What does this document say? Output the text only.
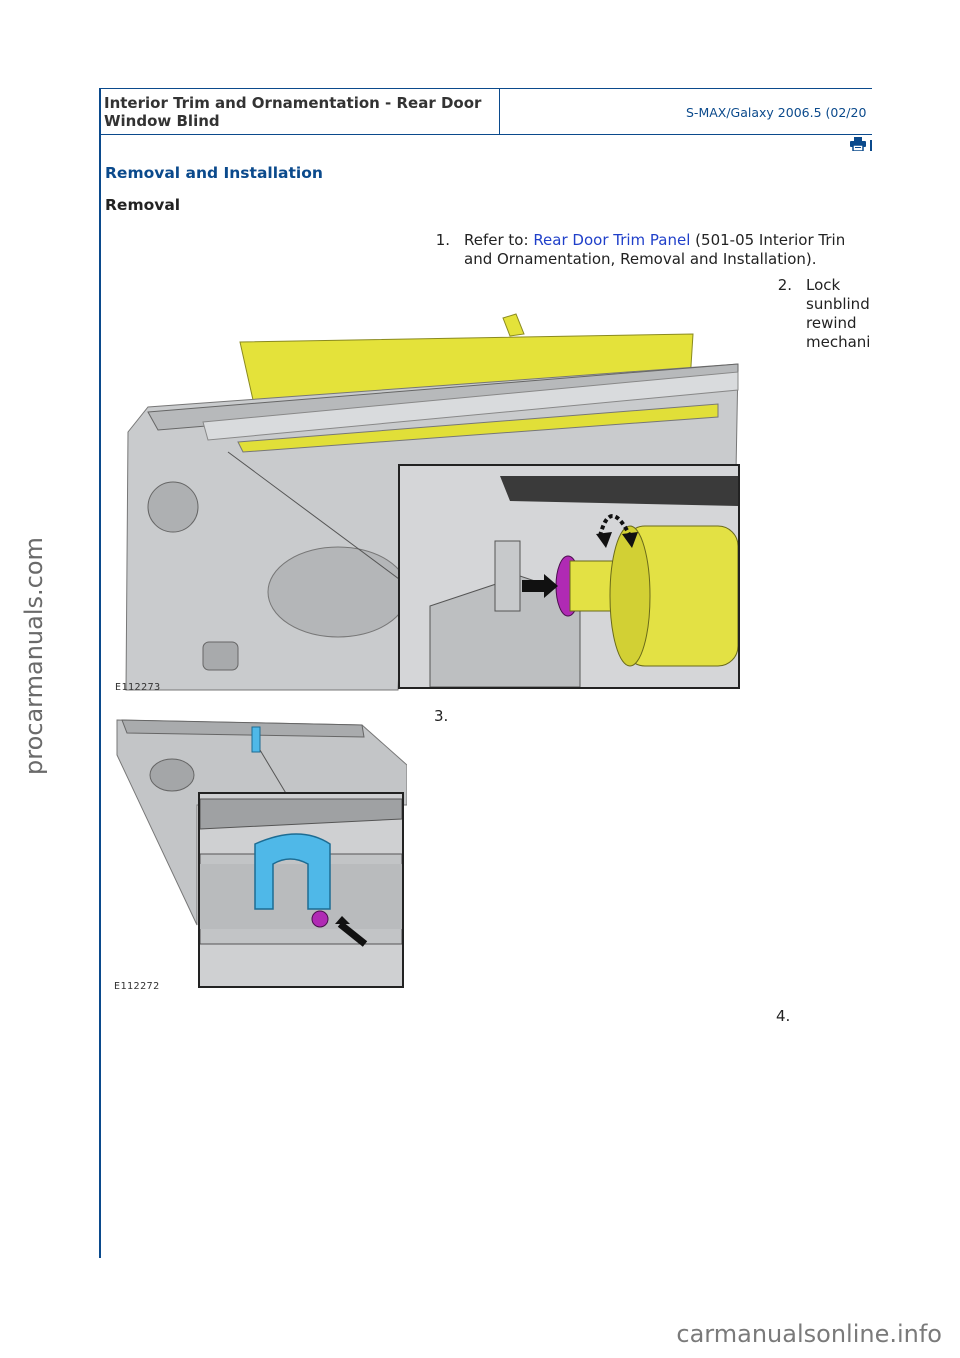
Interior Trim and Ornamentation - Rear Door
Window Blind	S-MAX/Galaxy 2006.5 (02/20
Removal and Installation
Removal
1. Refer to: Rear Door Trim Panel (501-05 Interior Trin
and Ornamentation, Removal and Installation).
2. Lock
sunblind
rewind
mechani
E112273
3.
E112272
4.
procarmanuals.com
carmanualsonline.info
